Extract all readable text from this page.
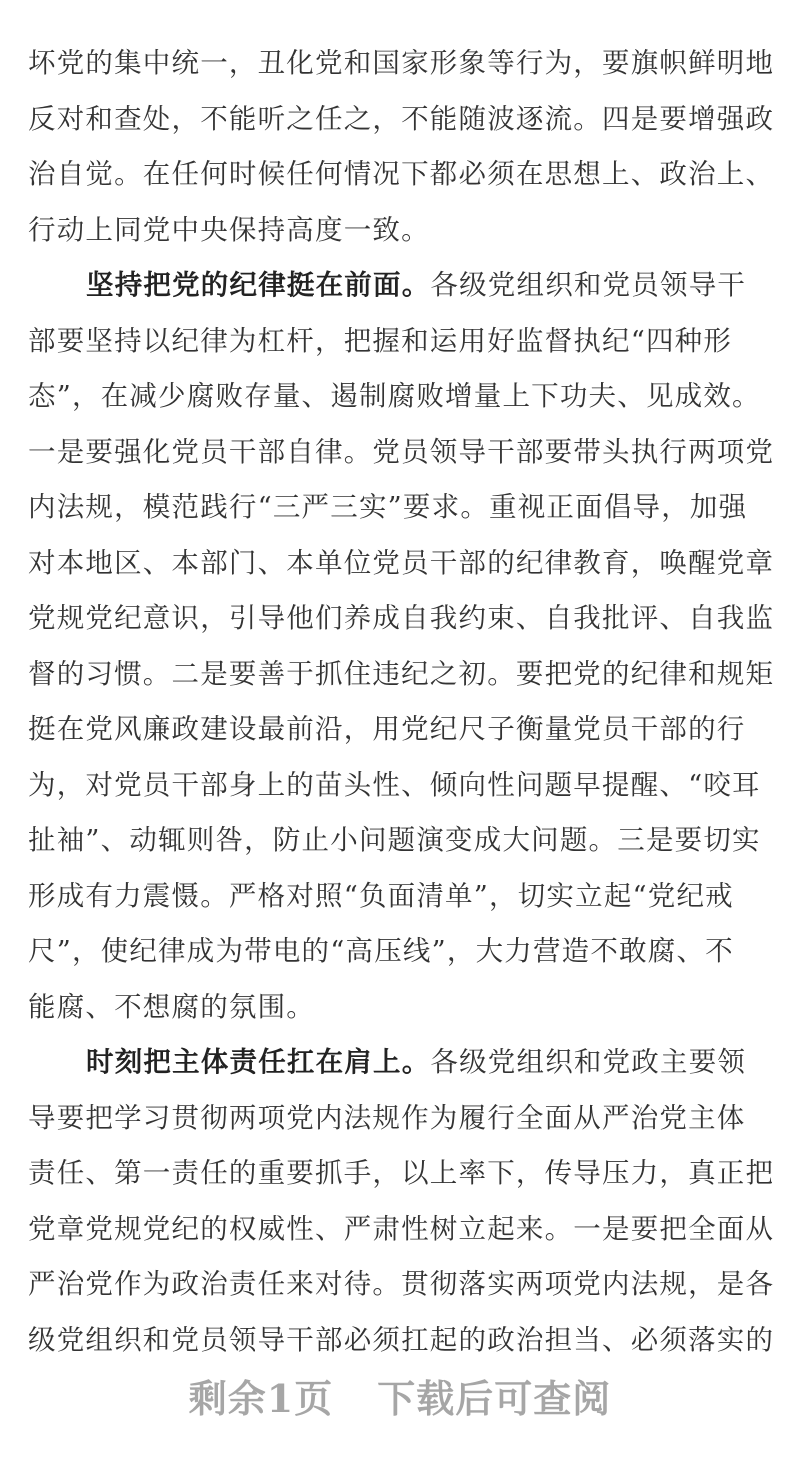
坏党的集中统一，丑化党和国家形象等行为，要旗帜鲜明地
反对和查处，不能听之任之，不能随波逐流。四是要增强政
治自觉。在任何时候任何情况下都必须在思想上、政治上、
行动上同党中央保持高度一致。
坚持把党的纪律挺在前面。各级党组织和党员领导干
部要坚持以纪律为杠杆，把握和运用好监督执纪“四种形
态”，在减少腐败存量、遏制腐败增量上下功夫、见成效。
一是要强化党员干部自律。党员领导干部要带头执行两项党
内法规，模范践行“三严三实”要求。重视正面倡导，加强
对本地区、本部门、本单位党员干部的纪律教育，唤醒党章
党规党纪意识，引导他们养成自我约束、自我批评、自我监
督的习惯。二是要善于抓住违纪之初。要把党的纪律和规矩
挺在党风廉政建设最前沿，用党纪尺子衡量党员干部的行
为，对党员干部身上的苗头性、倾向性问题早提醒、“咬耳
扯袖”、动辄则咎，防止小问题演变成大问题。三是要切实
形成有力震慑。严格对照“负面清单”，切实立起“党纪戒
尺”，使纪律成为带电的“高压线”，大力营造不敢腐、不
能腐、不想腐的氛围。
时刻把主体责任扛在肩上。各级党组织和党政主要领
导要把学习贯彻两项党内法规作为履行全面从严治党主体
责任、第一责任的重要抓手，以上率下，传导压力，真正把
党章党规党纪的权威性、严肃性树立起来。一是要把全面从
严治党作为政治责任来对待。贯彻落实两项党内法规，是各
级党组织和党员领导干部必须扛起的政治担当、必须落实的
剩余1页 下载后可查阅
